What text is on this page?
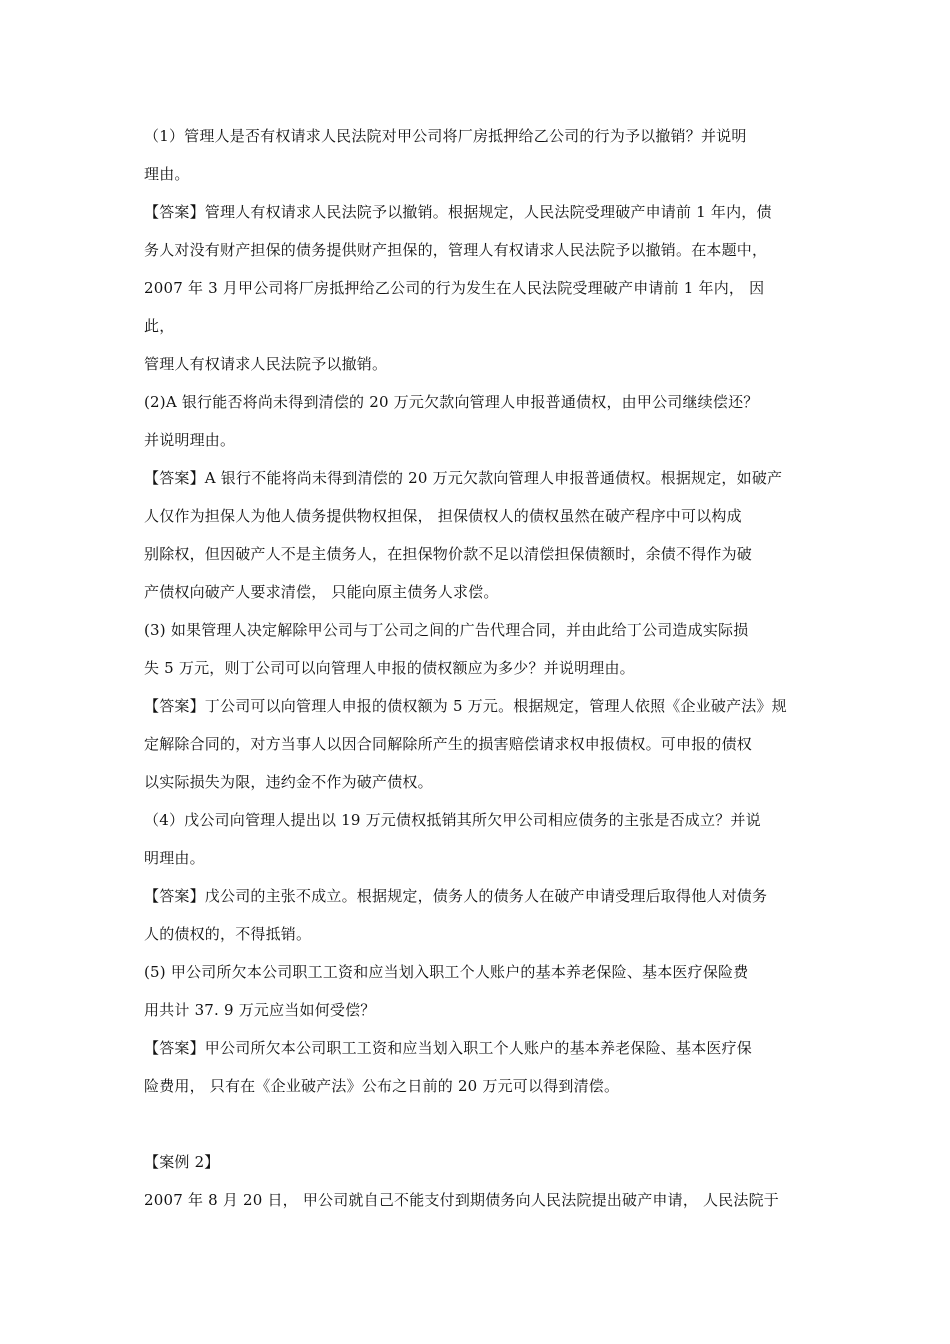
（1）管理人是否有权请求人民法院对甲公司将厂房抵押给乙公司的行为予以撤销？并说明
理由。
【答案】管理人有权请求人民法院予以撤销。根据规定，人民法院受理破产申请前 1 年内，债
务人对没有财产担保的债务提供财产担保的，管理人有权请求人民法院予以撤销。在本题中，
2007 年 3 月甲公司将厂房抵押给乙公司的行为发生在人民法院受理破产申请前 1 年内， 因
此，
管理人有权请求人民法院予以撤销。
(2)A 银行能否将尚未得到清偿的 20 万元欠款向管理人申报普通债权，由甲公司继续偿还？
并说明理由。
【答案】A 银行不能将尚未得到清偿的 20 万元欠款向管理人申报普通债权。根据规定，如破产
人仅作为担保人为他人债务提供物权担保， 担保债权人的债权虽然在破产程序中可以构成
别除权，但因破产人不是主债务人，在担保物价款不足以清偿担保债额时，余债不得作为破
产债权向破产人要求清偿， 只能向原主债务人求偿。
(3) 如果管理人决定解除甲公司与丁公司之间的广告代理合同，并由此给丁公司造成实际损
失 5 万元，则丁公司可以向管理人申报的债权额应为多少？并说明理由。
【答案】丁公司可以向管理人申报的债权额为 5 万元。根据规定，管理人依照《企业破产法》规
定解除合同的，对方当事人以因合同解除所产生的损害赔偿请求权申报债权。可申报的债权
以实际损失为限，违约金不作为破产债权。
（4）戊公司向管理人提出以 19 万元债权抵销其所欠甲公司相应债务的主张是否成立？并说
明理由。
【答案】戊公司的主张不成立。根据规定，债务人的债务人在破产申请受理后取得他人对债务
人的债权的，不得抵销。
(5) 甲公司所欠本公司职工工资和应当划入职工个人账户的基本养老保险、基本医疗保险费
用共计 37. 9 万元应当如何受偿？
【答案】甲公司所欠本公司职工工资和应当划入职工个人账户的基本养老保险、基本医疗保
险费用， 只有在《企业破产法》公布之日前的 20 万元可以得到清偿。
【案例 2】
2007 年 8 月 20 日， 甲公司就自己不能支付到期债务向人民法院提出破产申请， 人民法院于
